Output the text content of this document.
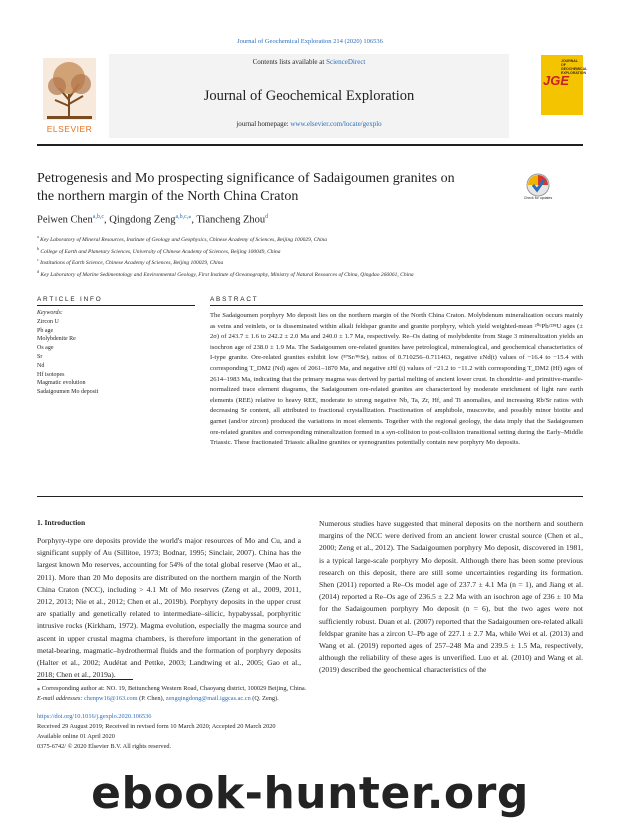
Journal of Geochemical Exploration 214 (2020) 106536
ELSEVIER
Contents lists available at ScienceDirect
Journal of Geochemical Exploration
journal homepage: www.elsevier.com/locate/gexplo
JGE
JOURNAL OF GEOCHEMICAL EXPLORATION
Petrogenesis and Mo prospecting significance of Sadaigoumen granites on
the northern margin of the North China Craton	Check for updates
Peiwen Chen$^{a,b,c}$, Qingdong Zeng$^{a,b,c,⁎}$, Tiancheng Zhou$^d$
$^a$ Key Laboratory of Mineral Resources, Institute of Geology and Geophysics, Chinese Academy of Sciences, Beijing 100029, China
$^b$ College of Earth and Planetary Sciences, University of Chinese Academy of Sciences, Beijing 100049, China
$^c$ Institutions of Earth Science, Chinese Academy of Sciences, Beijing 100029, China
$^d$ Key Laboratory of Marine Sedimentology and Environmental Geology, First Institute of Oceanography, Ministry of Natural Resources of China, Qingdao 266061, China
ARTICLE INFO
Keywords:
Zircon U
Pb age
Molybdenite Re
Os age
Sr
Nd
Hf isotopes
Magmatic evolution
Sadaigoumen Mo deposit
ABSTRACT
The Sadaigoumen porphyry Mo deposit lies on the northern margin of the North China Craton. Molybdenum mineralization occurs mainly as veins and veinlets, or is disseminated within alkali feldspar granite and granite porphyry, which yield weighted-mean ²⁰⁶Pb/²³⁸U ages (± 2σ) of 243.7 ± 1.6 to 242.2 ± 2.0 Ma and 240.0 ± 1.7 Ma, respectively. Re–Os dating of molybdenite from Stage 3 mineralization yields an isochron age of 238.0 ± 1.9 Ma. The Sadaigoumen ore-related granites have petrological, mineralogical, and geochemical characteristics of I-type granite. Ore-related granites exhibit low (⁸⁷Sr/⁸⁶Sr)ᵢ ratios of 0.710256–0.711463, negative εNd(t) values of −16.4 to −15.4 with corresponding T_DM2 (Nd) ages of 2061–1870 Ma, and negative εHf (t) values of −21.2 to −11.2 with corresponding T_DM2 (Hf) ages of 2614–1983 Ma, indicating that the primary magma was derived by partial melting of ancient lower crust. In chondrite- and primitive-mantle-normalized trace element diagrams, the Sadaigoumen ore-related granites are characterized by moderate enrichment of light rare earth elements (REE) relative to heavy REE, moderate to strong negative Nb, Ta, Zr, Hf, and Ti anomalies, and increasing Rb/Sr ratios with decreasing Sr content, all attributed to fractional crystallization. Fractionation of amphibole, muscovite, and possibly minor biotite and garnet (and/or zircon) produced the variations in most elements. Together with the regional geology, the data imply that the Sadaigoumen ore-related granites and corresponding mineralization formed in a syn-collision to post-collision transitional setting during the Early–Middle Triassic. These fractionated Triassic alkaline granites or syenogranites potentially contain new porphyry Mo deposits.
1. Introduction
Porphyry-type ore deposits provide the world's major resources of Mo and Cu, and a significant supply of Au (Sillitoe, 1973; Bodnar, 1995; Sinclair, 2007). China has the largest known Mo reserves, accounting for 54% of the total global reserve (Mao et al., 2011). More than 20 Mo deposits are distributed on the northern margin of the North China Craton (NCC), including > 4.1 Mt of Mo reserves (Zeng et al., 2009, 2011, 2012, 2013; Nie et al., 2012; Chen et al., 2019b). Porphyry deposits in the upper crust are spatially and genetically related to intermediate–silicic, hypabyssal, porphyritic intrusive rocks (Kirkham, 1972). Magma evolution, especially the magma source and ascent in upper crustal magma chambers, is therefore important in the generation of metal-bearing, magmatic–hydrothermal fluids and the formation of porphyry deposits (Halter et al., 2002; Audétat and Pettke, 2003; Landtwing et al., 2005; Gao et al., 2018; Chen et al., 2019a).
Numerous studies have suggested that mineral deposits on the northern and southern margins of the NCC were derived from an ancient lower crustal source (Chen et al., 2000; Zeng et al., 2012). The Sadaigoumen porphyry Mo deposit, discovered in 1981, is a typical large-scale porphyry Mo deposit. Although there has been some previous research on this deposit, there are still some uncertainties regarding its formation. Shen (2011) reported a Re–Os model age of 237.7 ± 4.1 Ma (n = 1), and Jiang et al. (2014) reported a Re–Os age of 236.5 ± 2.2 Ma with an isochron age of 236 ± 10 Ma for the Sadaigoumen porphyry Mo deposit (n = 6), but the two ages were not sufficiently robust. Duan et al. (2007) reported that the Sadaigoumen ore-related alkali feldspar granite has a zircon U–Pb age of 227.1 ± 2.7 Ma, while Wei et al. (2013) and Wang et al. (2019) reported ages of 257–248 Ma and 239.5 ± 1.5 Ma, respectively, although the reliability of these ages is unverified. Luo et al. (2010) and Wang et al. (2019) described the geochemical characteristics of the
⁎ Corresponding author at: NO. 19, Beituncheng Western Road, Chaoyang district, 100029 Beijing, China.
E-mail addresses: chenpw16@163.com (P. Chen), zengqingdong@mail.iggcas.ac.cn (Q. Zeng).
https://doi.org/10.1016/j.gexplo.2020.106536
Received 29 August 2019; Received in revised form 10 March 2020; Accepted 20 March 2020
Available online 01 April 2020
0375-6742/ © 2020 Elsevier B.V. All rights reserved.
ebook-hunter.org
